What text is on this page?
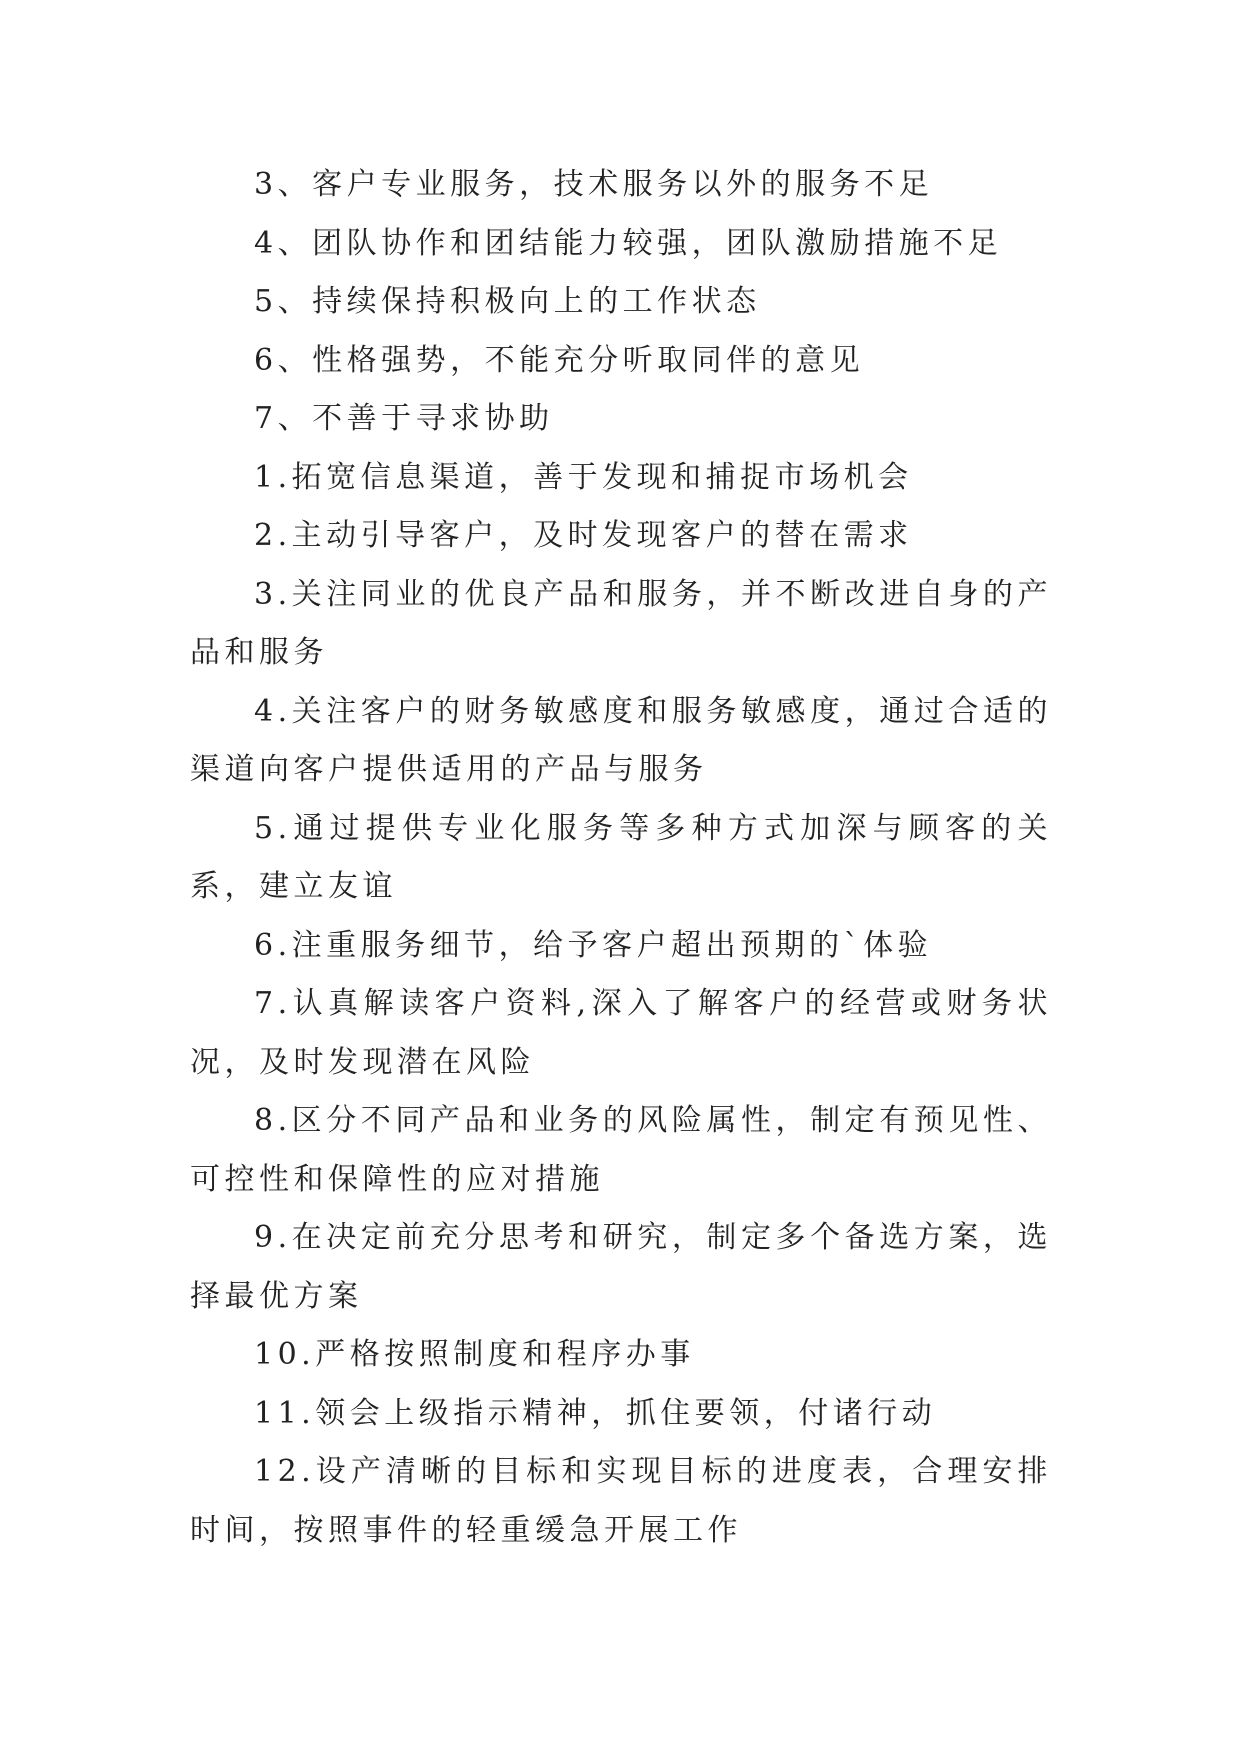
3、客户专业服务，技术服务以外的服务不足

4、团队协作和团结能力较强，团队激励措施不足

5、持续保持积极向上的工作状态

6、性格强势，不能充分听取同伴的意见

7、不善于寻求协助

1.拓宽信息渠道，善于发现和捕捉市场机会

2.主动引导客户，及时发现客户的替在需求

3.关注同业的优良产品和服务，并不断改进自身的产品和服务

4.关注客户的财务敏感度和服务敏感度，通过合适的渠道向客户提供适用的产品与服务

5.通过提供专业化服务等多种方式加深与顾客的关系，建立友谊

6.注重服务细节，给予客户超出预期的`体验

7.认真解读客户资料,深入了解客户的经营或财务状况，及时发现潜在风险

8.区分不同产品和业务的风险属性，制定有预见性、可控性和保障性的应对措施

9.在决定前充分思考和研究，制定多个备选方案，选择最优方案

10.严格按照制度和程序办事

11.领会上级指示精神，抓住要领，付诸行动

12.设产清晰的目标和实现目标的进度表，合理安排时间，按照事件的轻重缓急开展工作
